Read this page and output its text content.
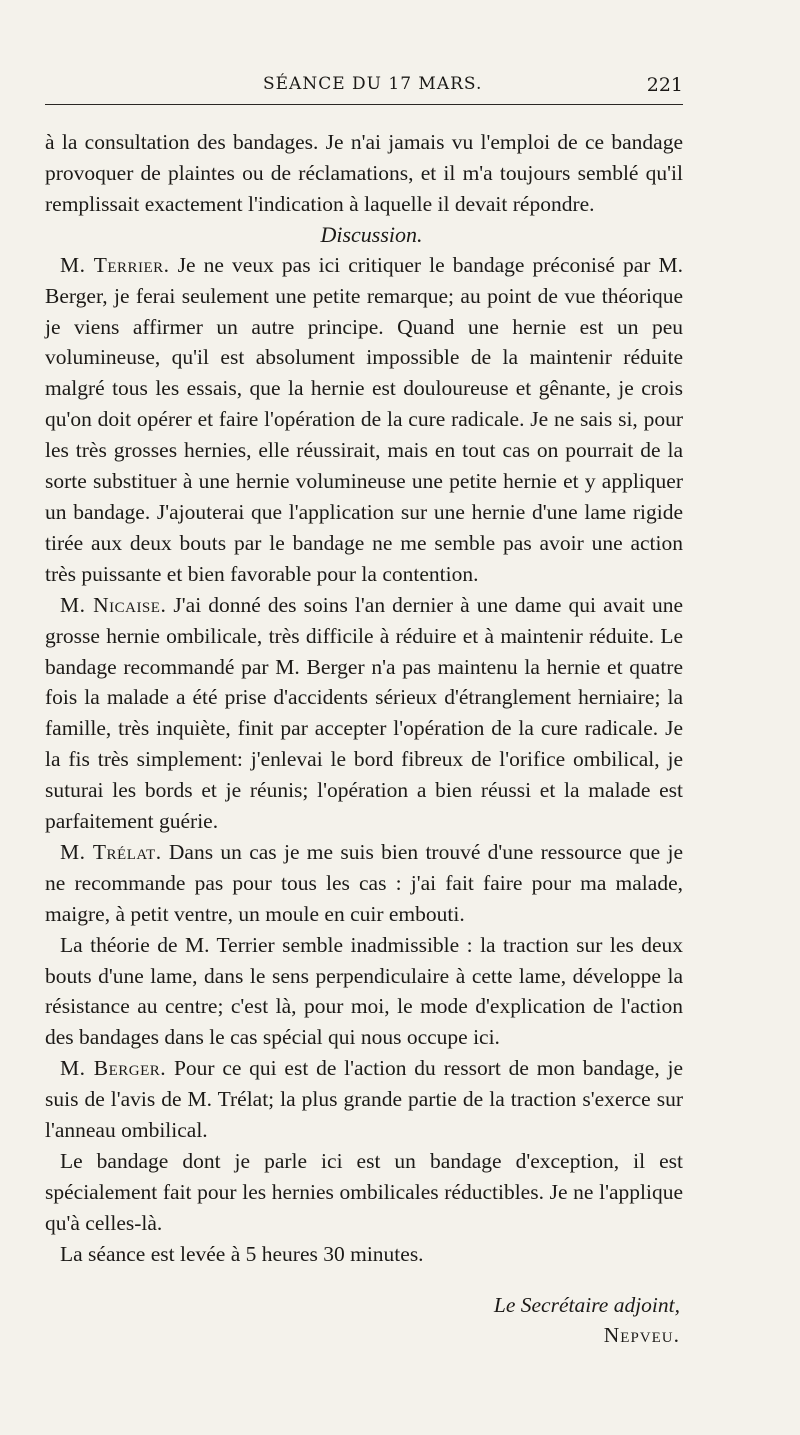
SÉANCE DU 17 MARS.	221

à la consultation des bandages. Je n'ai jamais vu l'emploi de ce bandage provoquer de plaintes ou de réclamations, et il m'a toujours semblé qu'il remplissait exactement l'indication à laquelle il devait répondre.

Discussion.

M. Terrier. Je ne veux pas ici critiquer le bandage préconisé par M. Berger, je ferai seulement une petite remarque; au point de vue théorique je viens affirmer un autre principe. Quand une hernie est un peu volumineuse, qu'il est absolument impossible de la maintenir réduite malgré tous les essais, que la hernie est douloureuse et gênante, je crois qu'on doit opérer et faire l'opération de la cure radicale. Je ne sais si, pour les très grosses hernies, elle réussirait, mais en tout cas on pourrait de la sorte substituer à une hernie volumineuse une petite hernie et y appliquer un bandage. J'ajouterai que l'application sur une hernie d'une lame rigide tirée aux deux bouts par le bandage ne me semble pas avoir une action très puissante et bien favorable pour la contention.

M. Nicaise. J'ai donné des soins l'an dernier à une dame qui avait une grosse hernie ombilicale, très difficile à réduire et à maintenir réduite. Le bandage recommandé par M. Berger n'a pas maintenu la hernie et quatre fois la malade a été prise d'accidents sérieux d'étranglement herniaire; la famille, très inquiète, finit par accepter l'opération de la cure radicale. Je la fis très simplement: j'enlevai le bord fibreux de l'orifice ombilical, je suturai les bords et je réunis; l'opération a bien réussi et la malade est parfaitement guérie.

M. Trélat. Dans un cas je me suis bien trouvé d'une ressource que je ne recommande pas pour tous les cas : j'ai fait faire pour ma malade, maigre, à petit ventre, un moule en cuir embouti.

La théorie de M. Terrier semble inadmissible : la traction sur les deux bouts d'une lame, dans le sens perpendiculaire à cette lame, développe la résistance au centre; c'est là, pour moi, le mode d'explication de l'action des bandages dans le cas spécial qui nous occupe ici.

M. Berger. Pour ce qui est de l'action du ressort de mon bandage, je suis de l'avis de M. Trélat; la plus grande partie de la traction s'exerce sur l'anneau ombilical.

Le bandage dont je parle ici est un bandage d'exception, il est spécialement fait pour les hernies ombilicales réductibles. Je ne l'applique qu'à celles-là.

La séance est levée à 5 heures 30 minutes.

Le Secrétaire adjoint,
Nepveu.
